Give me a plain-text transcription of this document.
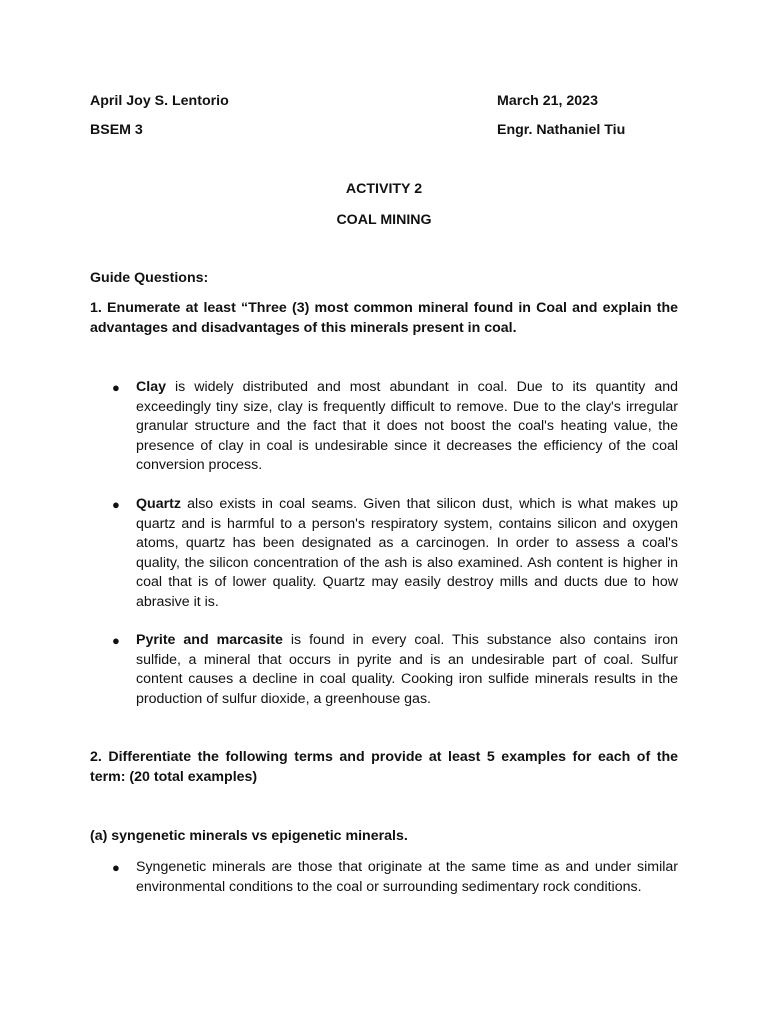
April Joy S. Lentorio	March 21, 2023
BSEM 3	Engr. Nathaniel Tiu
ACTIVITY 2
COAL MINING
Guide Questions:
1. Enumerate at least “Three (3) most common mineral found in Coal and explain the advantages and disadvantages of this minerals present in coal.
● Clay is widely distributed and most abundant in coal. Due to its quantity and exceedingly tiny size, clay is frequently difficult to remove. Due to the clay's irregular granular structure and the fact that it does not boost the coal's heating value, the presence of clay in coal is undesirable since it decreases the efficiency of the coal conversion process.
● Quartz also exists in coal seams. Given that silicon dust, which is what makes up quartz and is harmful to a person's respiratory system, contains silicon and oxygen atoms, quartz has been designated as a carcinogen. In order to assess a coal's quality, the silicon concentration of the ash is also examined. Ash content is higher in coal that is of lower quality. Quartz may easily destroy mills and ducts due to how abrasive it is.
● Pyrite and marcasite is found in every coal. This substance also contains iron sulfide, a mineral that occurs in pyrite and is an undesirable part of coal. Sulfur content causes a decline in coal quality. Cooking iron sulfide minerals results in the production of sulfur dioxide, a greenhouse gas.
2. Differentiate the following terms and provide at least 5 examples for each of the term: (20 total examples)
(a) syngenetic minerals vs epigenetic minerals.
● Syngenetic minerals are those that originate at the same time as and under similar environmental conditions to the coal or surrounding sedimentary rock conditions.
